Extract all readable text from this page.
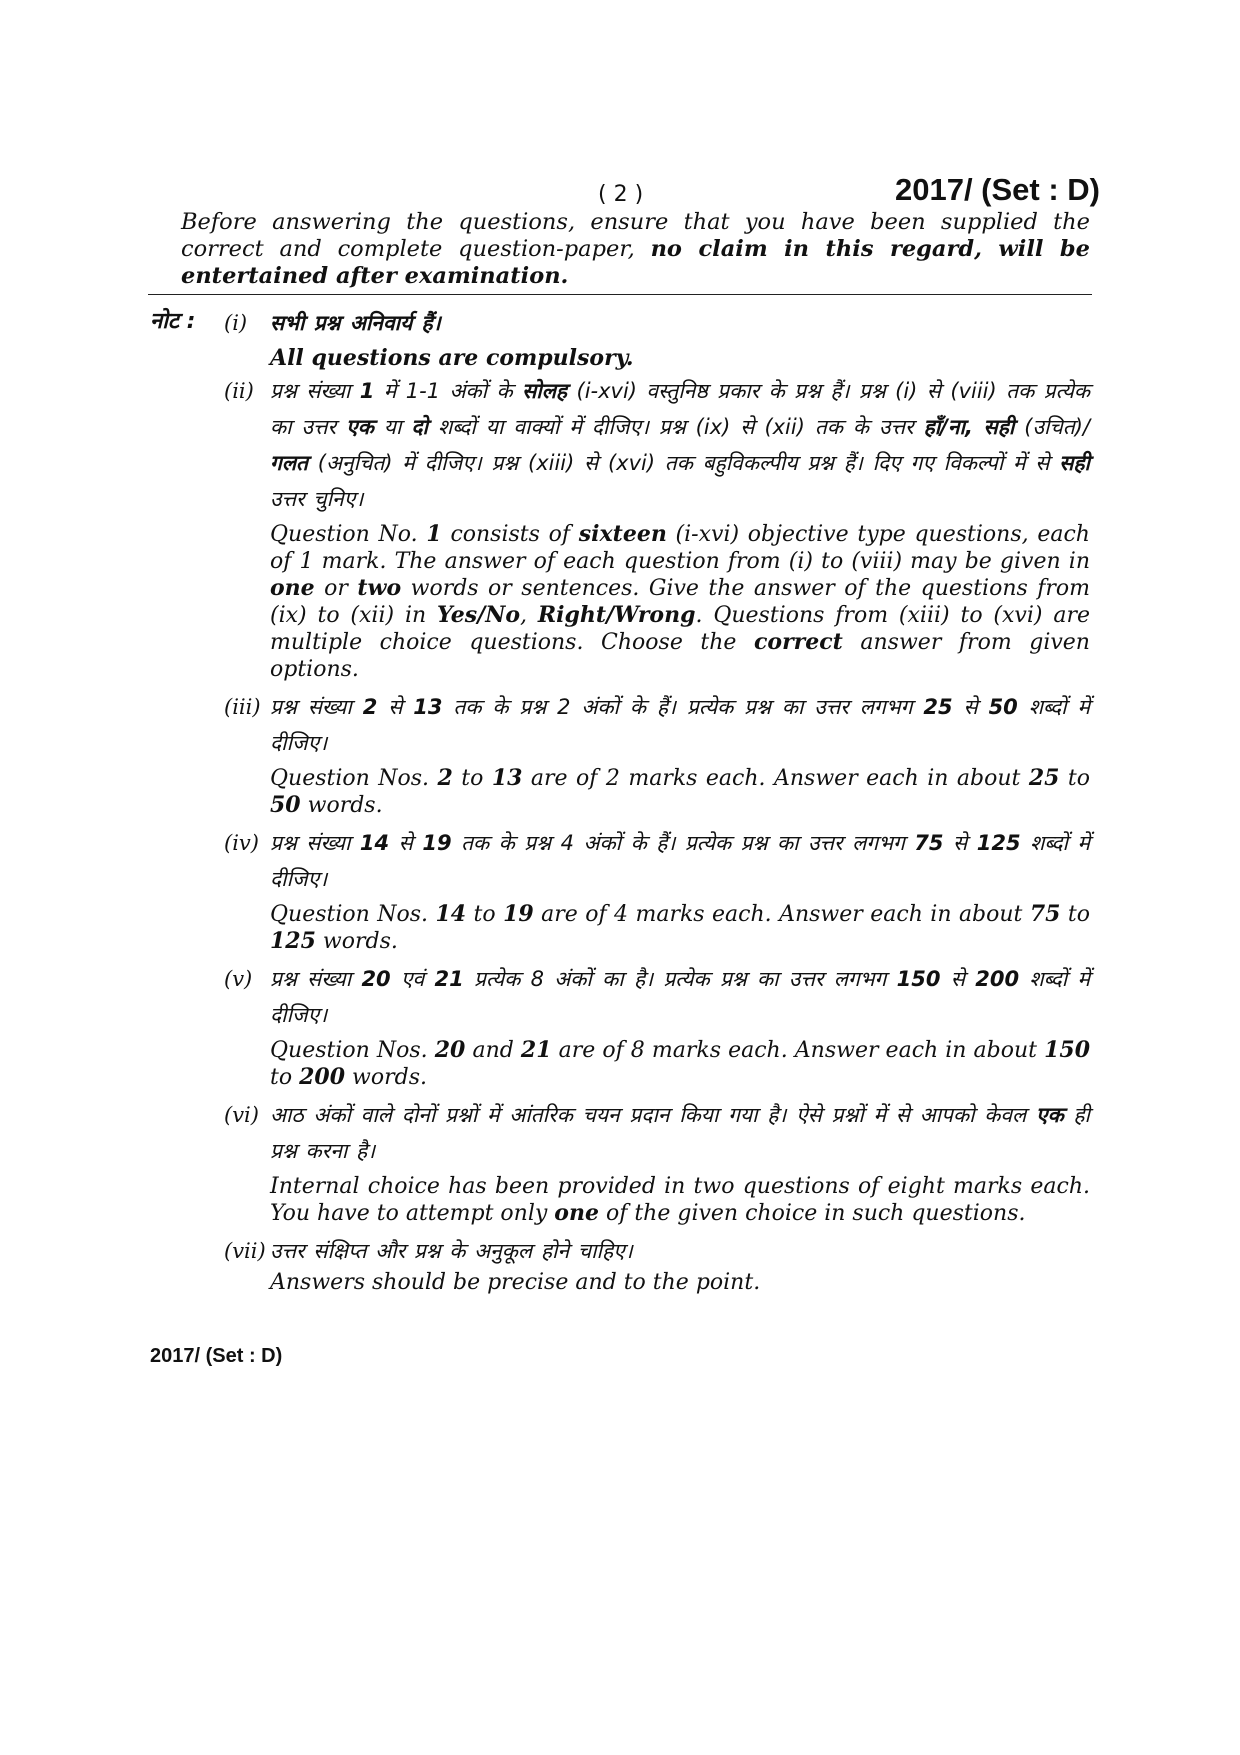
( 2 )	2017/ (Set : D)
Before answering the questions, ensure that you have been supplied the correct and complete question-paper, no claim in this regard, will be entertained after examination.
नोट : (i) सभी प्रश्न अनिवार्य हैं।
All questions are compulsory.
(ii) प्रश्न संख्या 1 में 1-1 अंकों के सोलह (i-xvi) वस्तुनिष्ठ प्रकार के प्रश्न हैं। प्रश्न (i) से (viii) तक प्रत्येक का उत्तर एक या दो शब्दों या वाक्यों में दीजिए। प्रश्न (ix) से (xii) तक के उत्तर हाँ/ना, सही (उचित)/ गलत (अनुचित) में दीजिए। प्रश्न (xiii) से (xvi) तक बहुविकल्पीय प्रश्न हैं। दिए गए विकल्पों में से सही उत्तर चुनिए।
Question No. 1 consists of sixteen (i-xvi) objective type questions, each of 1 mark. The answer of each question from (i) to (viii) may be given in one or two words or sentences. Give the answer of the questions from (ix) to (xii) in Yes/No, Right/Wrong. Questions from (xiii) to (xvi) are multiple choice questions. Choose the correct answer from given options.
(iii) प्रश्न संख्या 2 से 13 तक के प्रश्न 2 अंकों के हैं। प्रत्येक प्रश्न का उत्तर लगभग 25 से 50 शब्दों में दीजिए।
Question Nos. 2 to 13 are of 2 marks each. Answer each in about 25 to 50 words.
(iv) प्रश्न संख्या 14 से 19 तक के प्रश्न 4 अंकों के हैं। प्रत्येक प्रश्न का उत्तर लगभग 75 से 125 शब्दों में दीजिए।
Question Nos. 14 to 19 are of 4 marks each. Answer each in about 75 to 125 words.
(v) प्रश्न संख्या 20 एवं 21 प्रत्येक 8 अंकों का है। प्रत्येक प्रश्न का उत्तर लगभग 150 से 200 शब्दों में दीजिए।
Question Nos. 20 and 21 are of 8 marks each. Answer each in about 150 to 200 words.
(vi) आठ अंकों वाले दोनों प्रश्नों में आंतरिक चयन प्रदान किया गया है। ऐसे प्रश्नों में से आपको केवल एक ही प्रश्न करना है।
Internal choice has been provided in two questions of eight marks each. You have to attempt only one of the given choice in such questions.
(vii) उत्तर संक्षिप्त और प्रश्न के अनुकूल होने चाहिए।
Answers should be precise and to the point.
2017/ (Set : D)
